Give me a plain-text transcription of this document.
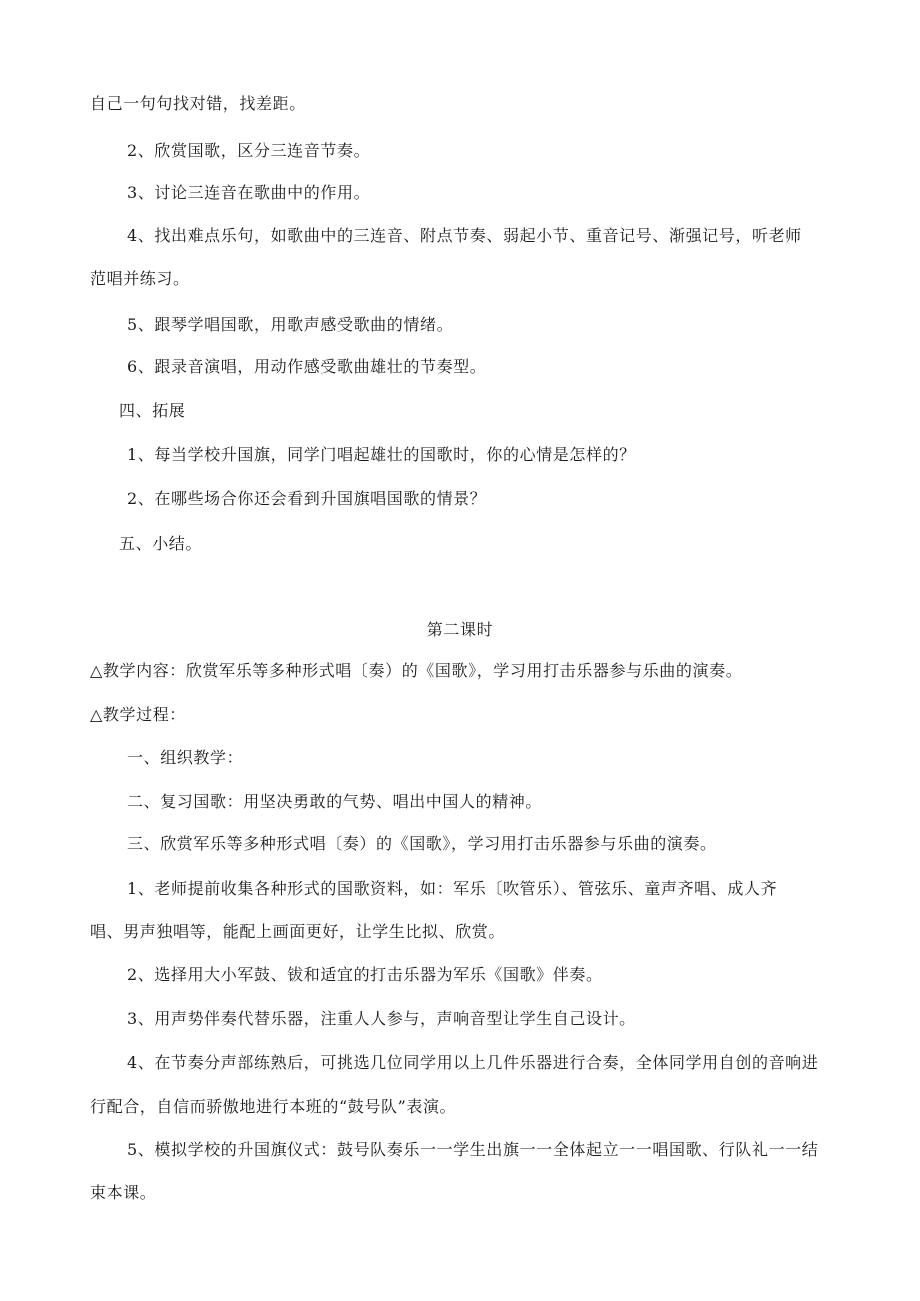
自己一句句找对错，找差距。
2、欣赏国歌，区分三连音节奏。
3、讨论三连音在歌曲中的作用。
4、找出难点乐句，如歌曲中的三连音、附点节奏、弱起小节、重音记号、渐强记号，听老师
范唱并练习。
5、跟琴学唱国歌，用歌声感受歌曲的情绪。
6、跟录音演唱，用动作感受歌曲雄壮的节奏型。
四、拓展
1、每当学校升国旗，同学门唱起雄壮的国歌时，你的心情是怎样的？
2、在哪些场合你还会看到升国旗唱国歌的情景？
五、小结。
第二课时
△教学内容：欣赏军乐等多种形式唱〔奏）的《国歌》，学习用打击乐器参与乐曲的演奏。
△教学过程：
一、组织教学：
二、复习国歌：用坚决勇敢的气势、唱出中国人的精神。
三、欣赏军乐等多种形式唱〔奏）的《国歌》，学习用打击乐器参与乐曲的演奏。
1、老师提前收集各种形式的国歌资料，如：军乐〔吹管乐）、管弦乐、童声齐唱、成人齐
唱、男声独唱等，能配上画面更好，让学生比拟、欣赏。
2、选择用大小军鼓、钹和适宜的打击乐器为军乐《国歌》伴奏。
3、用声势伴奏代替乐器，注重人人参与，声响音型让学生自己设计。
4、在节奏分声部练熟后，可挑选几位同学用以上几件乐器进行合奏，全体同学用自创的音响进
行配合，自信而骄傲地进行本班的“鼓号队”表演。
5、模拟学校的升国旗仪式：鼓号队奏乐一一学生出旗一一全体起立一一唱国歌、行队礼一一结
束本课。
